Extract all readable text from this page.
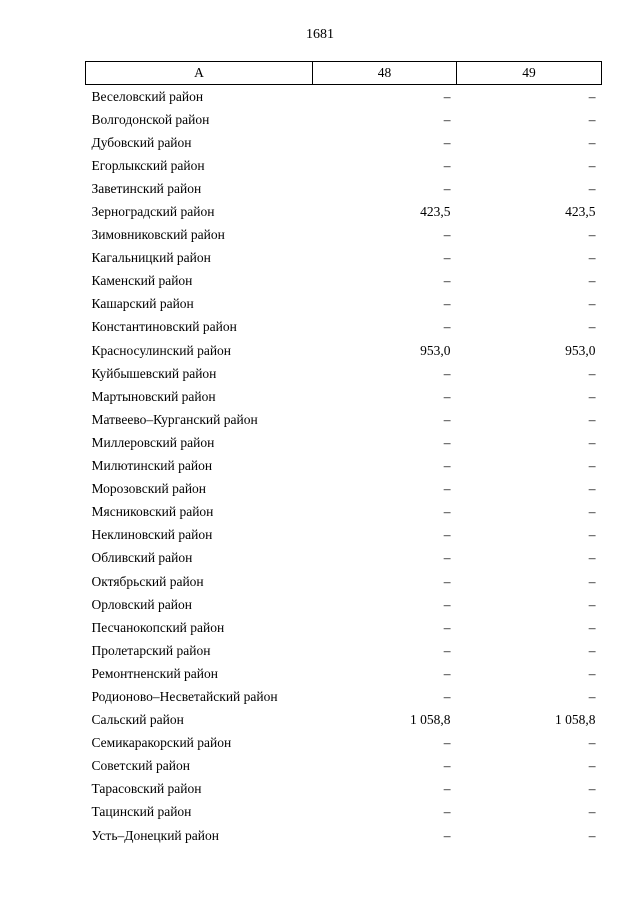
1681
А	48	49
Веселовский район	–	–
Волгодонской район	–	–
Дубовский район	–	–
Егорлыкский район	–	–
Заветинский район	–	–
Зерноградский район	423,5	423,5
Зимовниковский район	–	–
Кагальницкий район	–	–
Каменский район	–	–
Кашарский район	–	–
Константиновский район	–	–
Красносулинский район	953,0	953,0
Куйбышевский район	–	–
Мартыновский район	–	–
Матвеево–Курганский район	–	–
Миллеровский район	–	–
Милютинский район	–	–
Морозовский район	–	–
Мясниковский район	–	–
Неклиновский район	–	–
Обливский район	–	–
Октябрьский район	–	–
Орловский район	–	–
Песчанокопский район	–	–
Пролетарский район	–	–
Ремонтненский район	–	–
Родионово–Несветайский район	–	–
Сальский район	1 058,8	1 058,8
Семикаракорский район	–	–
Советский район	–	–
Тарасовский район	–	–
Тацинский район	–	–
Усть–Донецкий район	–	–
